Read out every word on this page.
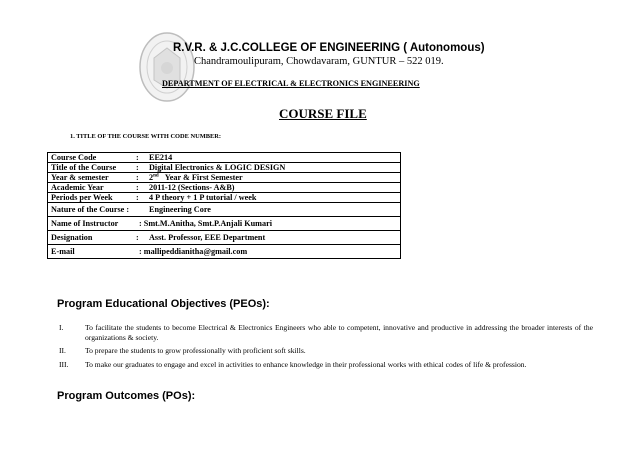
R.V.R. & J.C.COLLEGE OF ENGINEERING ( Autonomous)
Chandramoulipuram, Chowdavaram, GUNTUR – 522 019.
DEPARTMENT OF ELECTRICAL & ELECTRONICS ENGINEERING
COURSE FILE
1. TITLE OF THE COURSE WITH CODE NUMBER:
Course Code	:	EE214
Title of the Course	:	Digital Electronics & LOGIC DESIGN
Year & semester	:	2nd Year & First Semester
Academic Year	:	2011-12 (Sections- A&B)
Periods per Week	:	4 P theory + 1 P tutorial / week
Nature of the Course :		Engineering Core
Name of Instructor	: Smt.M.Anitha, Smt.P.Anjali Kumari	
Designation	:	Asst. Professor, EEE Department
E-mail	: mallipeddianitha@gmail.com	
Program Educational Objectives (PEOs):
I.	To facilitate the students to become Electrical & Electronics Engineers who able to competent, innovative and productive in addressing the broader interests of the organizations & society.
II.	To prepare the students to grow professionally with proficient soft skills.
III.	To make our graduates to engage and excel in activities to enhance knowledge in their professional works with ethical codes of life & profession.
Program Outcomes (POs):
